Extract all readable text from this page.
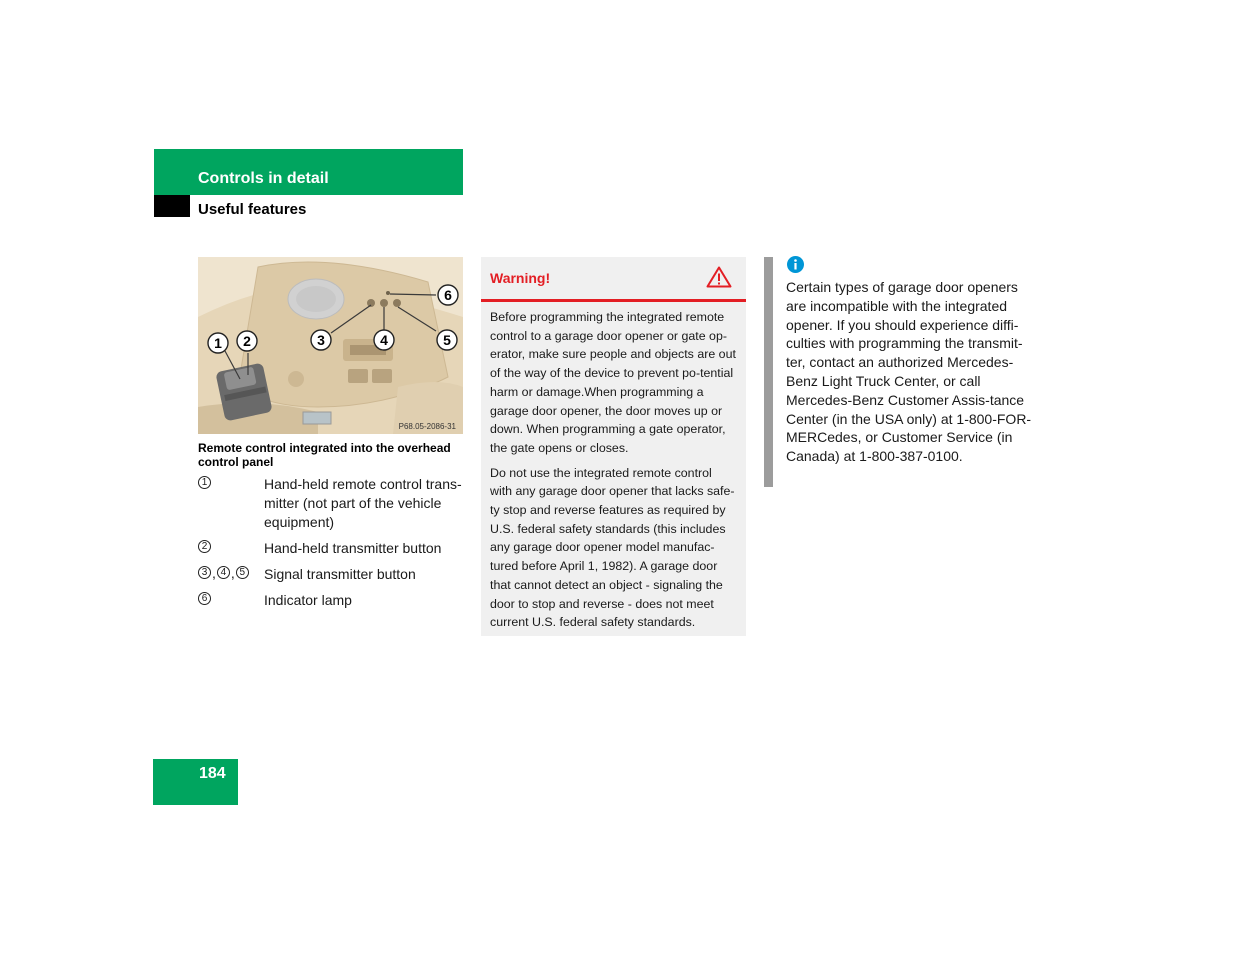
Controls in detail
Useful features
1 2	3	4	5
6
P68.05-2086-31
Remote control integrated into the overhead control panel
1	Hand-held remote control trans-mitter (not part of the vehicle equipment)
2	Hand-held transmitter button
3 , 4 , 5 Signal transmitter button
6	Indicator lamp
Warning!

Before programming the integrated remote control to a garage door opener or gate op-erator, make sure people and objects are out of the way of the device to prevent po-tential harm or damage.When programming a garage door opener, the door moves up or down. When programming a gate operator, the gate opens or closes.

Do not use the integrated remote control with any garage door opener that lacks safe-ty stop and reverse features as required by U.S. federal safety standards (this includes any garage door opener model manufac-tured before April 1, 1982). A garage door that cannot detect an object - signaling the door to stop and reverse - does not meet current U.S. federal safety standards.

Certain types of garage door openers are incompatible with the integrated opener. If you should experience diffi-culties with programming the transmit-ter, contact an authorized Mercedes-Benz Light Truck Center, or call Mercedes-Benz Customer Assis-tance Center (in the USA only) at 1-800-FOR-MERCedes, or Customer Service (in Canada) at 1-800-387-0100.
184
